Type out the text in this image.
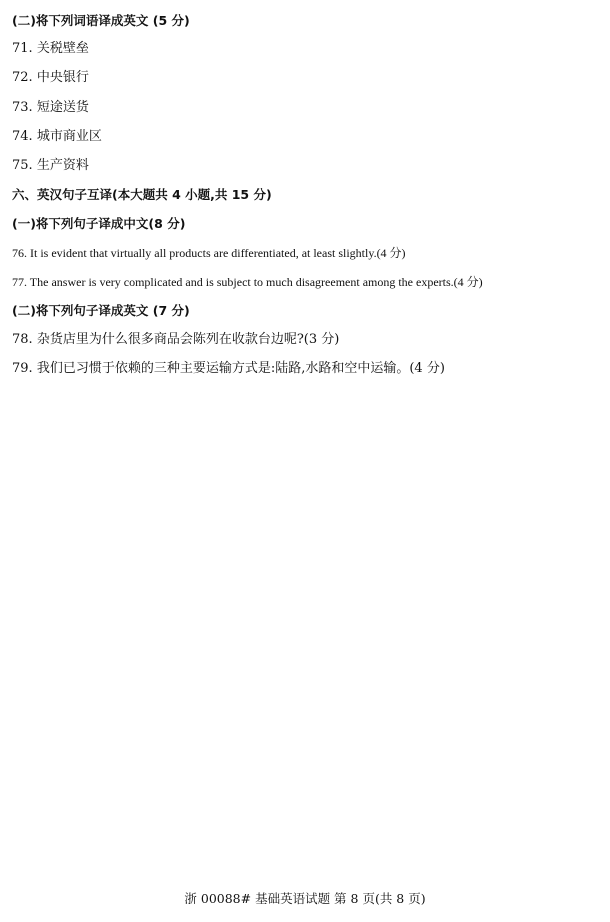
(二)将下列词语译成英文 (5 分)
71. 关税壁垒
72. 中央银行
73. 短途送货
74. 城市商业区
75. 生产资料
六、英汉句子互译(本大题共 4 小题,共 15 分)
(一)将下列句子译成中文(8 分)
76. It is evident that virtually all products are differentiated, at least slightly.(4 分)
77. The answer is very complicated and is subject to much disagreement among the experts.(4 分)
(二)将下列句子译成英文 (7 分)
78. 杂货店里为什么很多商品会陈列在收款台边呢?(3 分)
79. 我们已习惯于依赖的三种主要运输方式是:陆路,水路和空中运输。(4 分)
浙 00088# 基础英语试题 第 8 页(共 8 页)
